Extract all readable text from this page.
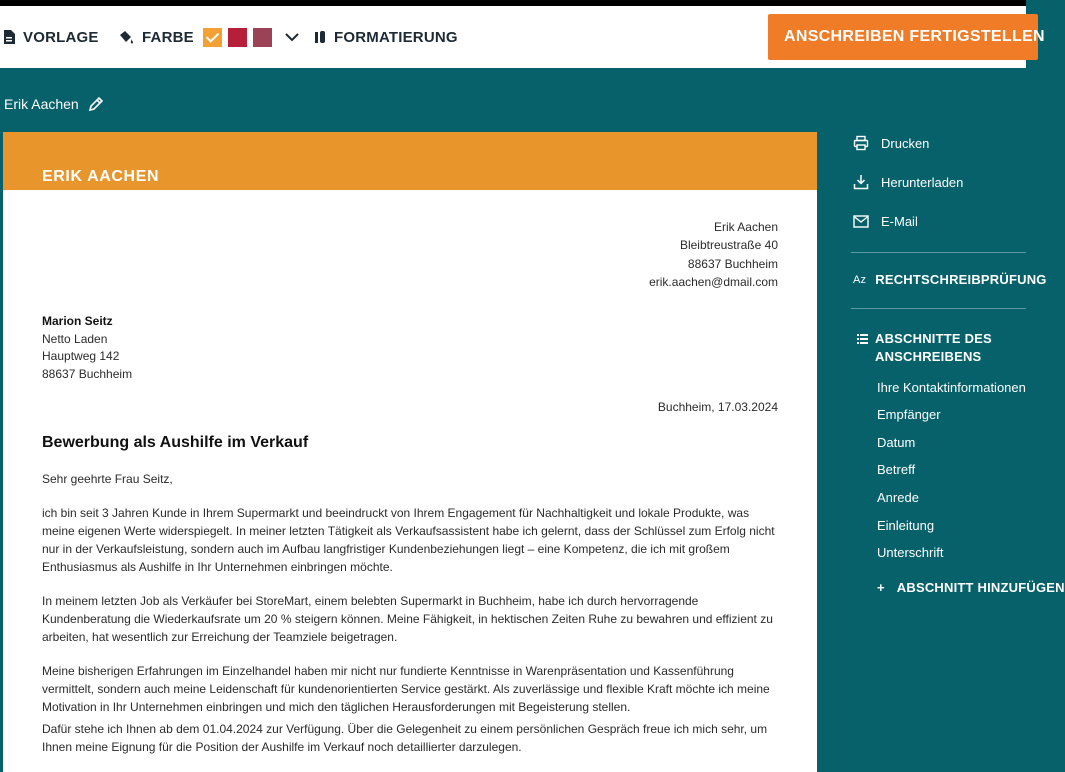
VORLAGE	FARBE	FORMATIERUNG	ANSCHREIBEN FERTIGSTELLEN
Erik Aachen
ERIK AACHEN
Erik Aachen
Bleibtreustraße 40
88637 Buchheim
erik.aachen@dmail.com
Marion Seitz
Netto Laden
Hauptweg 142
88637 Buchheim
Buchheim, 17.03.2024
Bewerbung als Aushilfe im Verkauf
Sehr geehrte Frau Seitz,
ich bin seit 3 Jahren Kunde in Ihrem Supermarkt und beeindruckt von Ihrem Engagement für Nachhaltigkeit und lokale Produkte, was meine eigenen Werte widerspiegelt. In meiner letzten Tätigkeit als Verkaufsassistent habe ich gelernt, dass der Schlüssel zum Erfolg nicht nur in der Verkaufsleistung, sondern auch im Aufbau langfristiger Kundenbeziehungen liegt – eine Kompetenz, die ich mit großem Enthusiasmus als Aushilfe in Ihr Unternehmen einbringen möchte.
In meinem letzten Job als Verkäufer bei StoreMart, einem belebten Supermarkt in Buchheim, habe ich durch hervorragende Kundenberatung die Wiederkaufsrate um 20 % steigern können. Meine Fähigkeit, in hektischen Zeiten Ruhe zu bewahren und effizient zu arbeiten, hat wesentlich zur Erreichung der Teamziele beigetragen.
Meine bisherigen Erfahrungen im Einzelhandel haben mir nicht nur fundierte Kenntnisse in Warenpräsentation und Kassenführung vermittelt, sondern auch meine Leidenschaft für kundenorientierten Service gestärkt. Als zuverlässige und flexible Kraft möchte ich meine Motivation in Ihr Unternehmen einbringen und mich den täglichen Herausforderungen mit Begeisterung stellen.
Dafür stehe ich Ihnen ab dem 01.04.2024 zur Verfügung. Über die Gelegenheit zu einem persönlichen Gespräch freue ich mich sehr, um Ihnen meine Eignung für die Position der Aushilfe im Verkauf noch detaillierter darzulegen.
Drucken
Herunterladen
E-Mail
Az RECHTSCHREIBPRÜFUNG
ABSCHNITTE DES
ANSCHREIBENS
Ihre Kontaktinformationen
Empfänger
Datum
Betreff
Anrede
Einleitung
Unterschrift
+ ABSCHNITT HINZUFÜGEN
